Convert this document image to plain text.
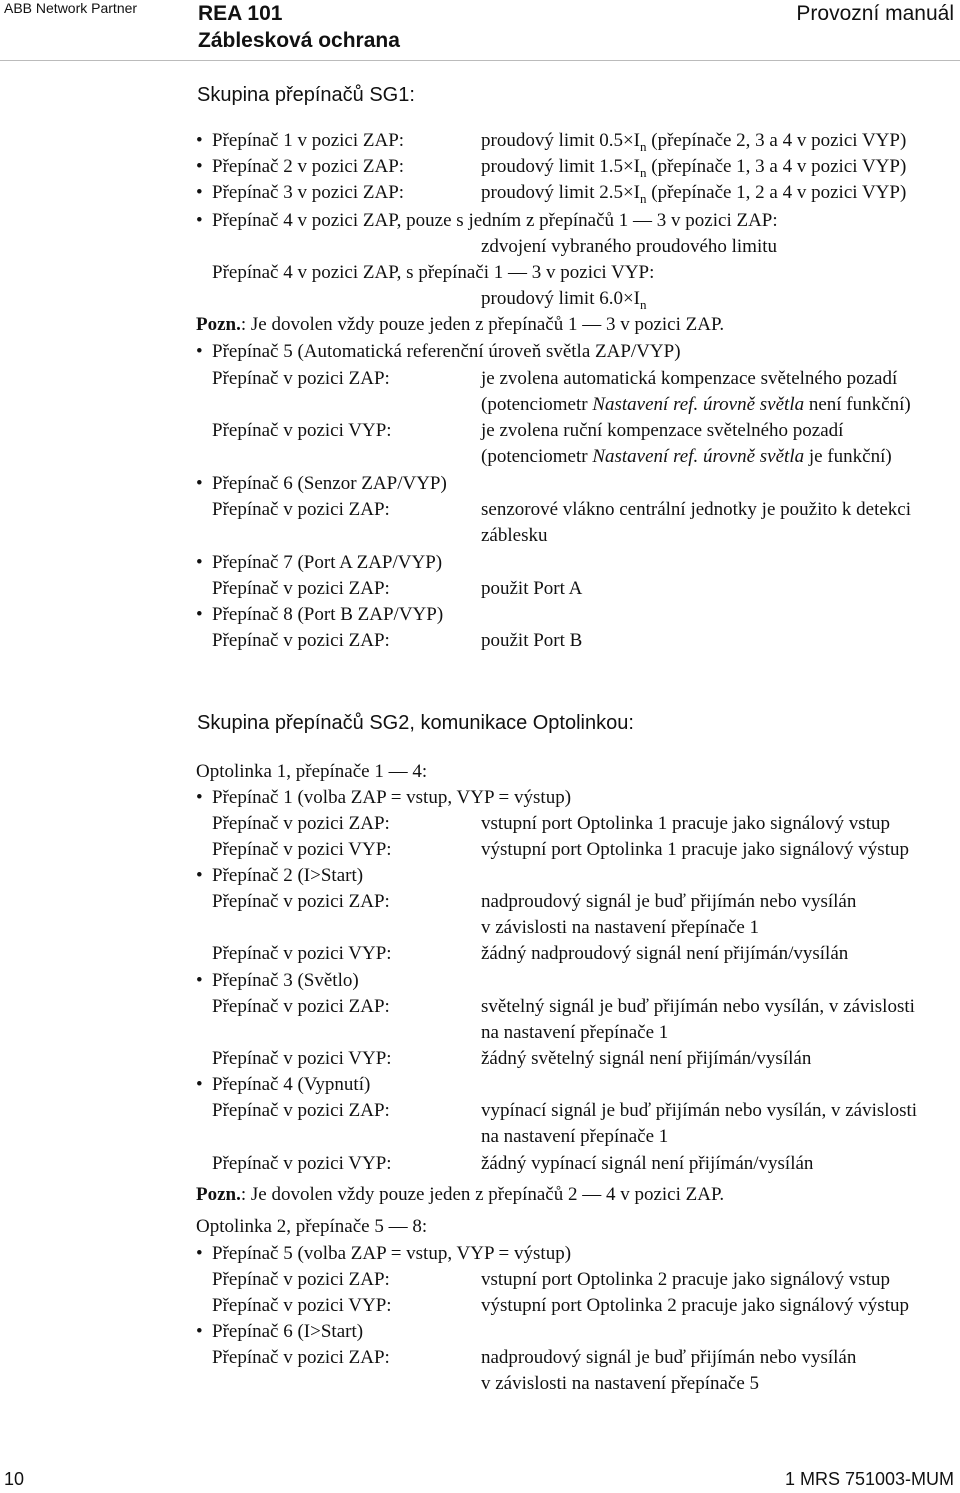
ABB Network Partner	REA 101
Záblesková ochrana
Provozní manuál
Skupina přepínačů SG1:
• Přepínač 1 v pozici ZAP:	proudový limit $0.5\times I_n$ (přepínače 2, 3 a 4 v pozici VYP)
• Přepínač 2 v pozici ZAP:	proudový limit $1.5\times I_n$ (přepínače 1, 3 a 4 v pozici VYP)
• Přepínač 3 v pozici ZAP:	proudový limit $2.5\times I_n$ (přepínače 1, 2 a 4 v pozici VYP)
• Přepínač 4 v pozici ZAP, pouze s jedním z přepínačů 1 — 3 v pozici ZAP:
zdvojení vybraného proudového limitu
Přepínač 4 v pozici ZAP, s přepínači 1 — 3 v pozici VYP:
proudový limit $6.0\times I_n$
Pozn.: Je dovolen vždy pouze jeden z přepínačů 1 — 3 v pozici ZAP.
• Přepínač 5 (Automatická referenční úroveň světla ZAP/VYP)
Přepínač v pozici ZAP:	je zvolena automatická kompenzace světelného pozadí
(potenciometr Nastavení ref. úrovně světla není funkční)
Přepínač v pozici VYP:	je zvolena ruční kompenzace světelného pozadí
(potenciometr Nastavení ref. úrovně světla je funkční)
• Přepínač 6 (Senzor ZAP/VYP)
Přepínač v pozici ZAP:	senzorové vlákno centrální jednotky je použito k detekci
záblesku
• Přepínač 7 (Port A ZAP/VYP)
Přepínač v pozici ZAP:	použit Port A
• Přepínač 8 (Port B ZAP/VYP)
Přepínač v pozici ZAP:	použit Port B
Skupina přepínačů SG2, komunikace Optolinkou:
Optolinka 1, přepínače 1 — 4:
• Přepínač 1 (volba ZAP = vstup, VYP = výstup)
Přepínač v pozici ZAP:	vstupní port Optolinka 1 pracuje jako signálový vstup
Přepínač v pozici VYP:	výstupní port Optolinka 1 pracuje jako signálový výstup
• Přepínač 2 (I>Start)
Přepínač v pozici ZAP:	nadproudový signál je buď přijímán nebo vysílán
v závislosti na nastavení přepínače 1
Přepínač v pozici VYP:	žádný nadproudový signál není přijímán/vysílán
• Přepínač 3 (Světlo)
Přepínač v pozici ZAP:	světelný signál je buď přijímán nebo vysílán, v závislosti
na nastavení přepínače 1
Přepínač v pozici VYP:	žádný světelný signál není přijímán/vysílán
• Přepínač 4 (Vypnutí)
Přepínač v pozici ZAP:	vypínací signál je buď přijímán nebo vysílán, v závislosti
na nastavení přepínače 1
Přepínač v pozici VYP:	žádný vypínací signál není přijímán/vysílán
Pozn.: Je dovolen vždy pouze jeden z přepínačů 2 — 4 v pozici ZAP.
Optolinka 2, přepínače 5 — 8:
• Přepínač 5 (volba ZAP = vstup, VYP = výstup)
Přepínač v pozici ZAP:	vstupní port Optolinka 2 pracuje jako signálový vstup
Přepínač v pozici VYP:	výstupní port Optolinka 2 pracuje jako signálový výstup
• Přepínač 6 (I>Start)
Přepínač v pozici ZAP:	nadproudový signál je buď přijímán nebo vysílán
v závislosti na nastavení přepínače 5
10	1 MRS 751003-MUM
